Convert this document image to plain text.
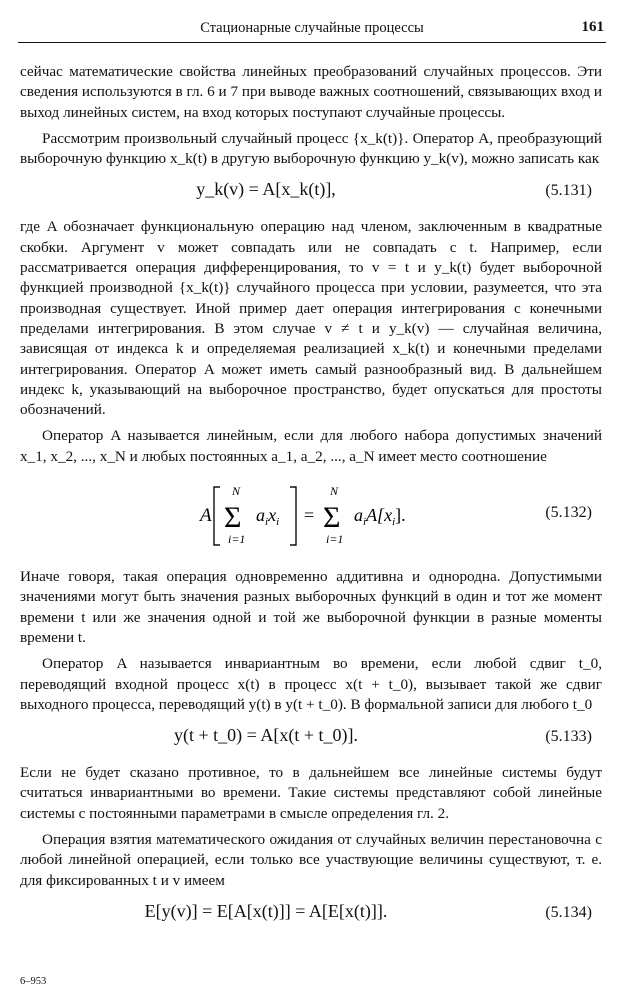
Стационарные случайные процессы	161

сейчас математические свойства линейных преобразований случайных процессов. Эти сведения используются в гл. 6 и 7 при выводе важных соотношений, связывающих вход и выход линейных систем, на вход которых поступают случайные процессы.

Рассмотрим произвольный случайный процесс {x_k(t)}. Оператор A, преобразующий выборочную функцию x_k(t) в другую выборочную функцию y_k(v), можно записать как

y_k(v) = A[x_k(t)],	(5.131)

где A обозначает функциональную операцию над членом, заключенным в квадратные скобки. Аргумент v может совпадать или не совпадать с t. Например, если рассматривается операция дифференцирования, то v = t и y_k(t) будет выборочной функцией производной {x_k(t)} случайного процесса при условии, разумеется, что эта производная существует. Иной пример дает операция интегрирования с конечными пределами интегрирования. В этом случае v ≠ t и y_k(v) — случайная величина, зависящая от индекса k и определяемая реализацией x_k(t) и конечными пределами интегрирования. Оператор A может иметь самый разнообразный вид. В дальнейшем индекс k, указывающий на выборочное пространство, будет опускаться для простоты обозначений.

Оператор A называется линейным, если для любого набора допустимых значений x_1, x_2, ..., x_N и любых постоянных a_1, a_2, ..., a_N имеет место соотношение

A
N
Σ
i=1
$a_ix_i$ =
N
Σ
i=1
$a_iA[x_i]$.	(5.132)

Иначе говоря, такая операция одновременно аддитивна и однородна. Допустимыми значениями могут быть значения разных выборочных функций в один и тот же момент времени t или же значения одной и той же выборочной функции в разные моменты времени t.

Оператор A называется инвариантным во времени, если любой сдвиг t_0, переводящий входной процесс x(t) в процесс x(t + t_0), вызывает такой же сдвиг выходного процесса, переводящий y(t) в y(t + t_0). В формальной записи для любого t_0

y(t + t_0) = A[x(t + t_0)].	(5.133)

Если не будет сказано противное, то в дальнейшем все линейные системы будут считаться инвариантными во времени. Такие системы представляют собой линейные системы с постоянными параметрами в смысле определения гл. 2.

Операция взятия математического ожидания от случайных величин перестановочна с любой линейной операцией, если только все участвующие величины существуют, т. е. для фиксированных t и v имеем

E[y(v)] = E[A[x(t)]] = A[E[x(t)]].	(5.134)
6–953
